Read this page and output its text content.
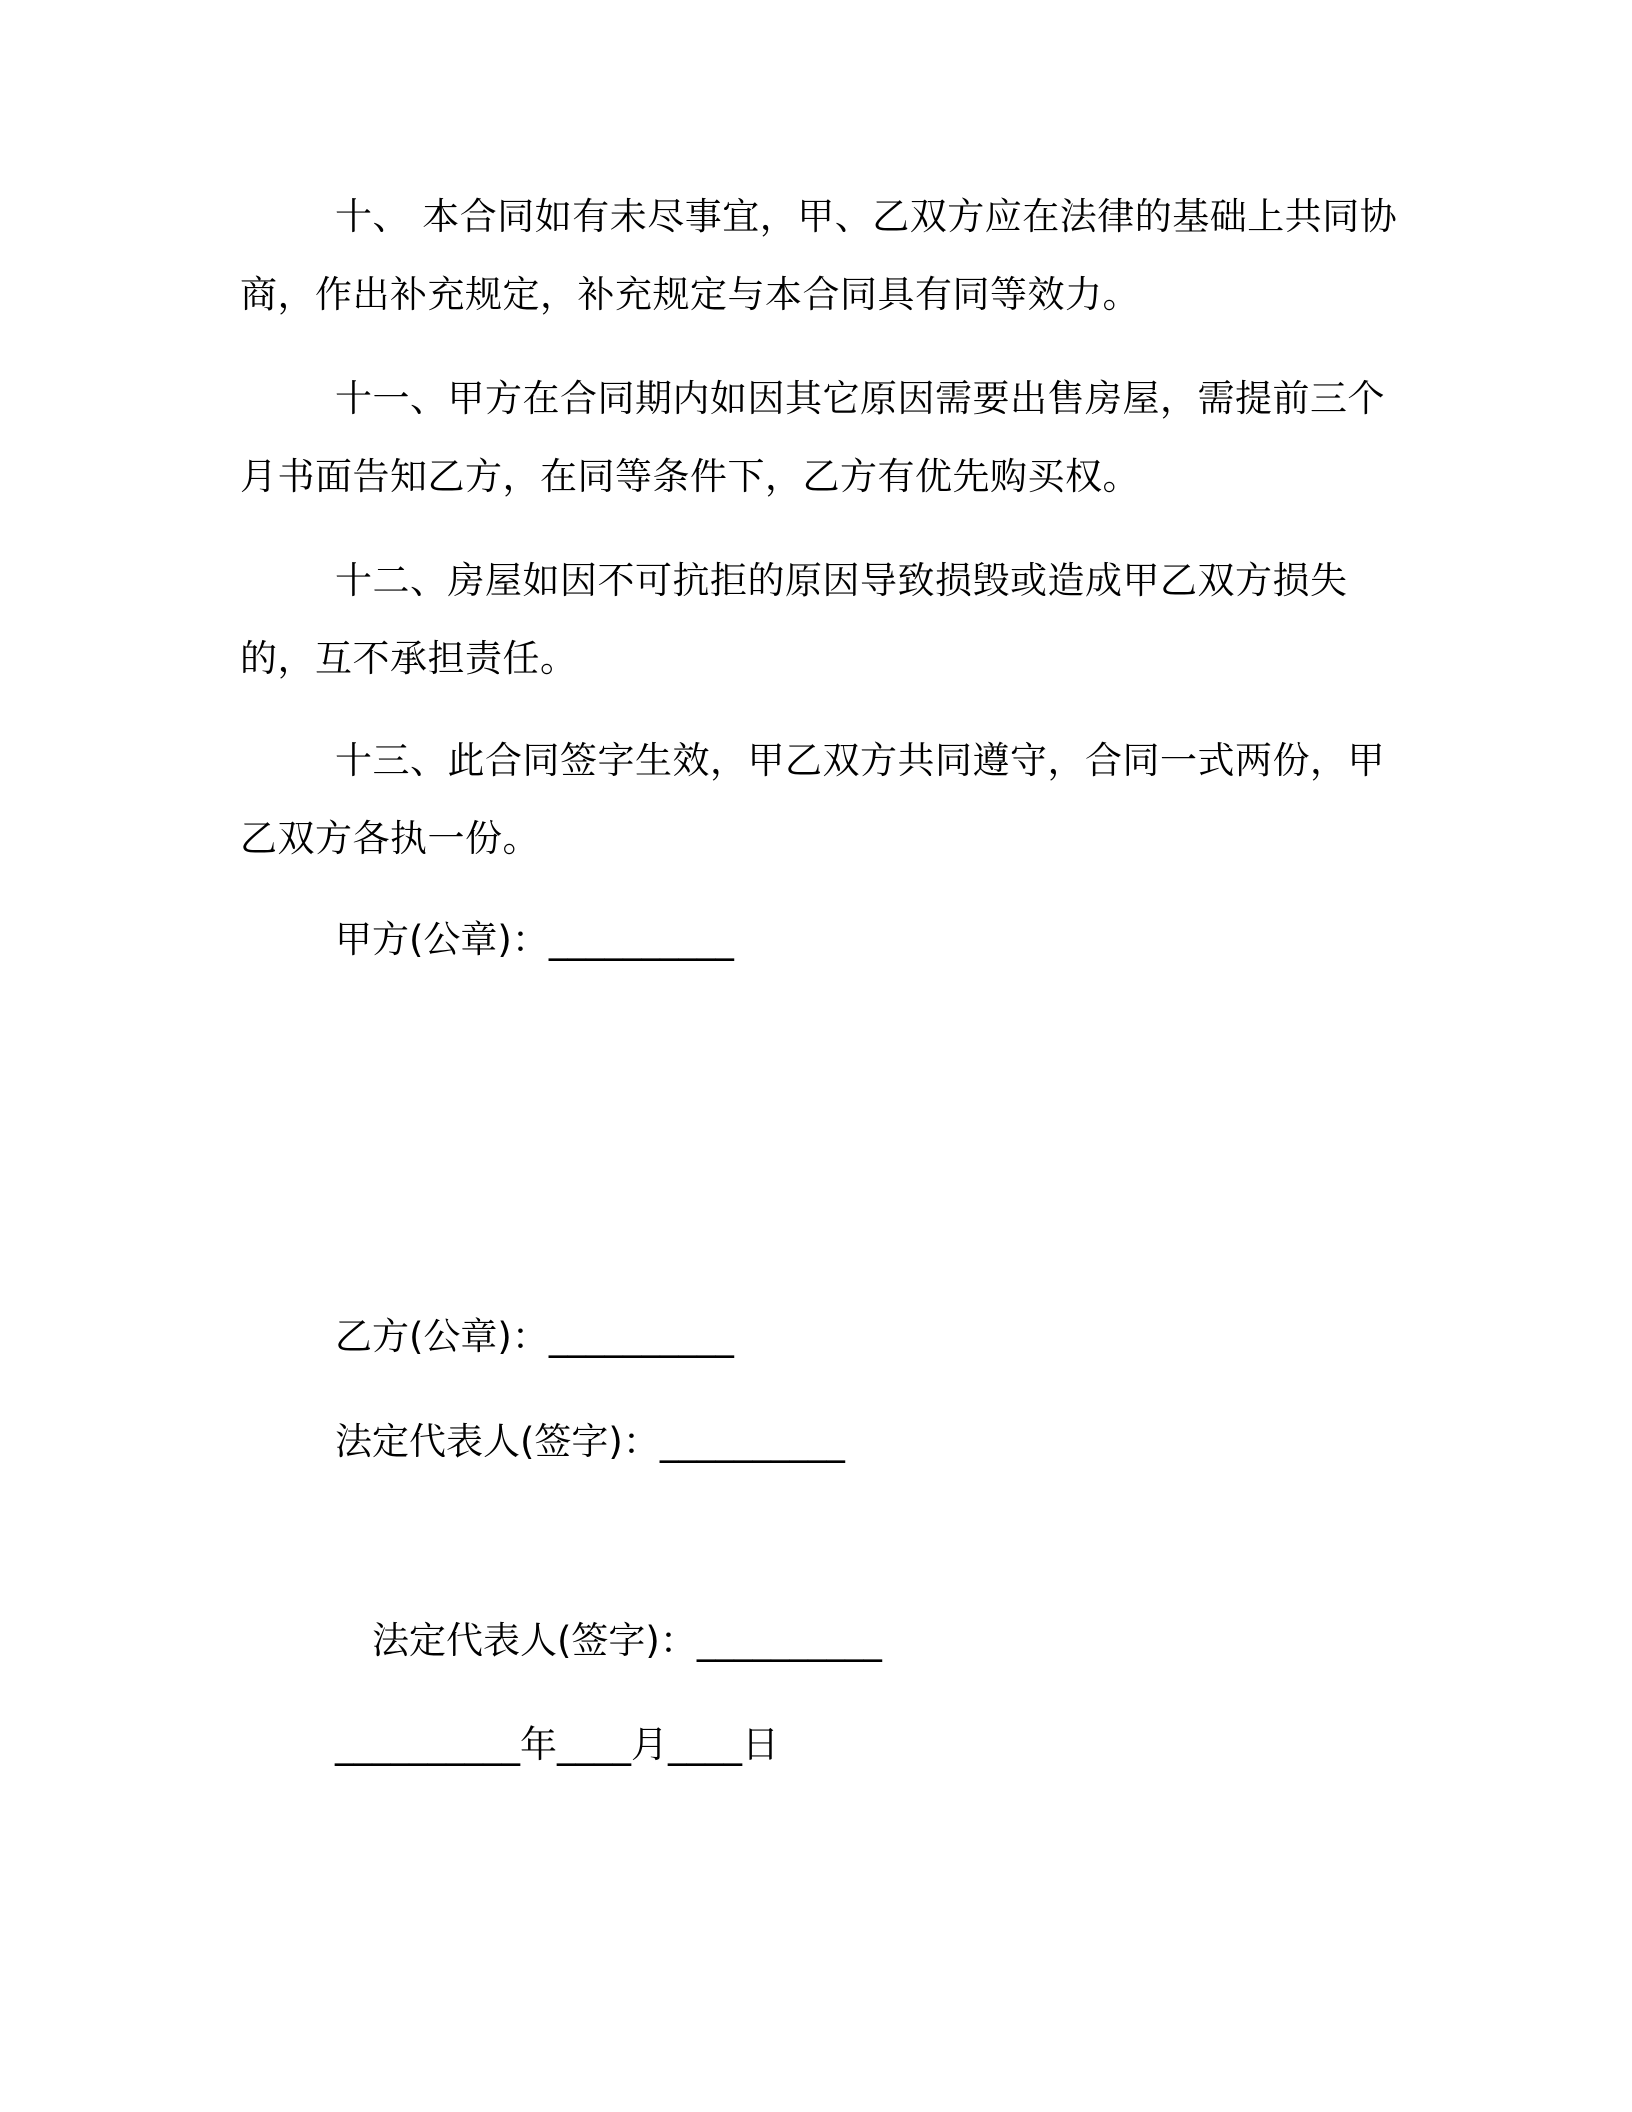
十、 本合同如有未尽事宜，甲、乙双方应在法律的基础上共同协商，作出补充规定，补充规定与本合同具有同等效力。
十一、甲方在合同期内如因其它原因需要出售房屋，需提前三个月书面告知乙方，在同等条件下，乙方有优先购买权。
十二、房屋如因不可抗拒的原因导致损毁或造成甲乙双方损失的，互不承担责任。
十三、此合同签字生效，甲乙双方共同遵守，合同一式两份，甲乙双方各执一份。
甲方(公章)：__________
乙方(公章)：__________
法定代表人(签字)：__________
法定代表人(签字)：__________
__________年____月____日
